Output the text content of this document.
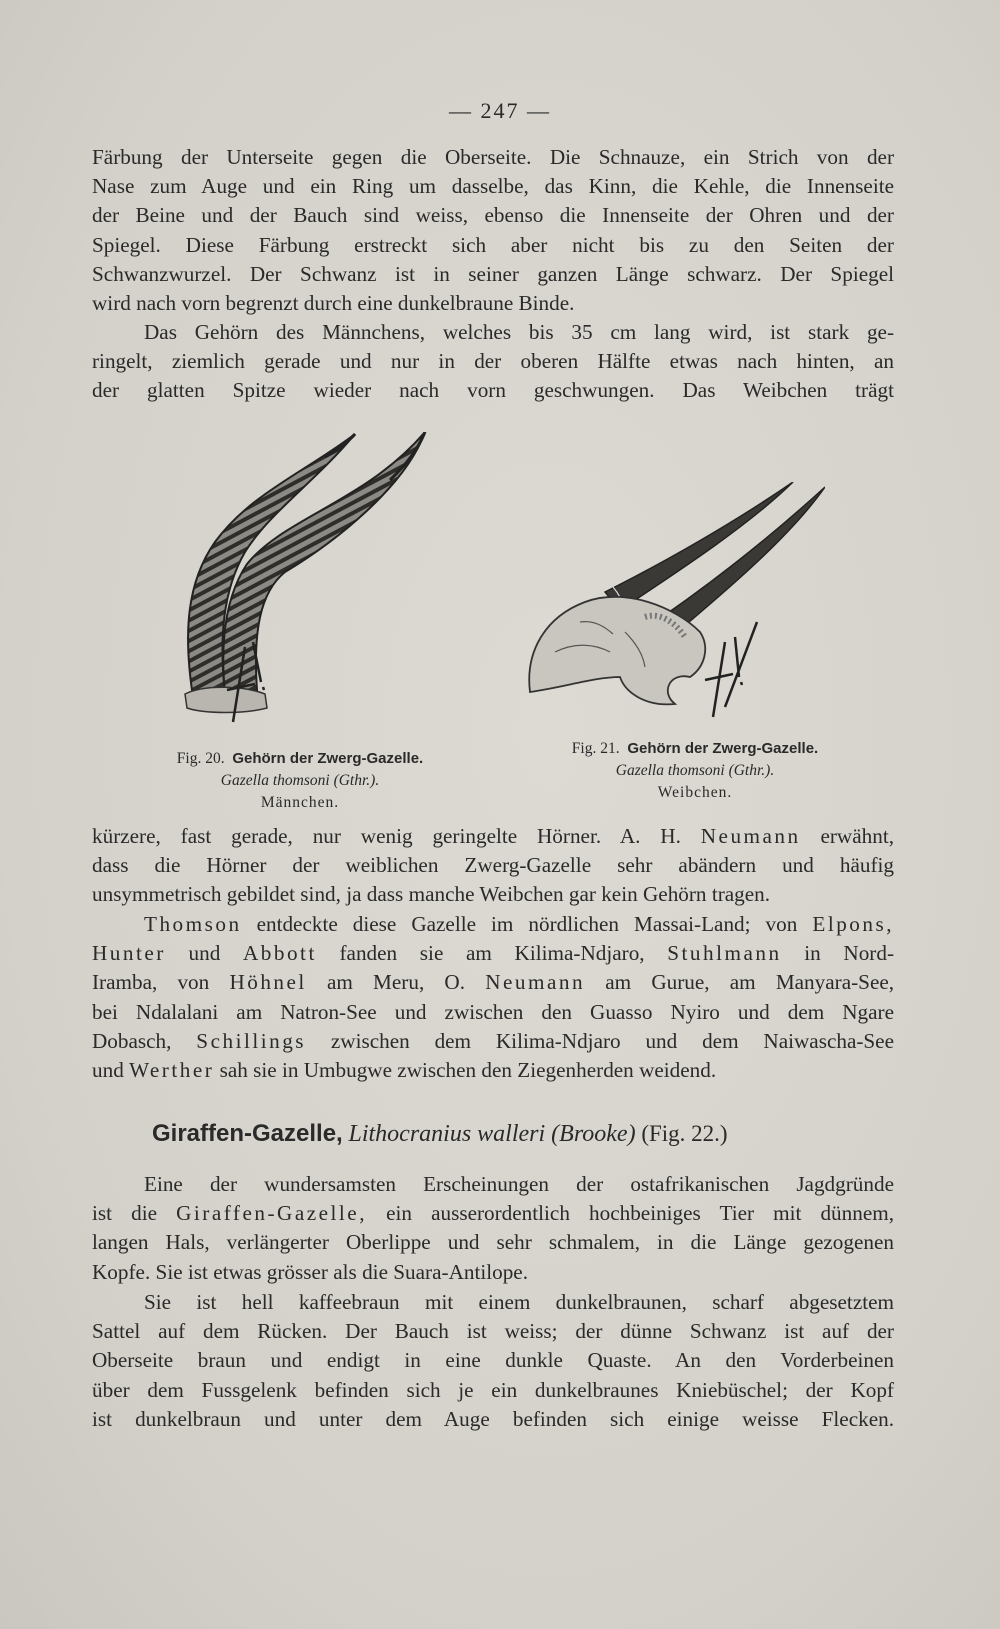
— 247 —
Färbung der Unterseite gegen die Oberseite. Die Schnauze, ein Strich von der
Nase zum Auge und ein Ring um dasselbe, das Kinn, die Kehle, die Innenseite
der Beine und der Bauch sind weiss, ebenso die Innenseite der Ohren und der
Spiegel. Diese Färbung erstreckt sich aber nicht bis zu den Seiten der
Schwanzwurzel. Der Schwanz ist in seiner ganzen Länge schwarz. Der Spiegel
wird nach vorn begrenzt durch eine dunkelbraune Binde.
Das Gehörn des Männchens, welches bis 35 cm lang wird, ist stark ge-
ringelt, ziemlich gerade und nur in der oberen Hälfte etwas nach hinten, an
der glatten Spitze wieder nach vorn geschwungen. Das Weibchen trägt
Fig. 20. Gehörn der Zwerg-Gazelle.
Gazella thomsoni (Gthr.).
Männchen.
Fig. 21. Gehörn der Zwerg-Gazelle.
Gazella thomsoni (Gthr.).
Weibchen.
kürzere, fast gerade, nur wenig geringelte Hörner. A. H. Neumann erwähnt,
dass die Hörner der weiblichen Zwerg-Gazelle sehr abändern und häufig
unsymmetrisch gebildet sind, ja dass manche Weibchen gar kein Gehörn tragen.
Thomson entdeckte diese Gazelle im nördlichen Massai-Land; von Elpons,
Hunter und Abbott fanden sie am Kilima-Ndjaro, Stuhlmann in Nord-
Iramba, von Höhnel am Meru, O. Neumann am Gurue, am Manyara-See,
bei Ndalalani am Natron-See und zwischen den Guasso Nyiro und dem Ngare
Dobasch, Schillings zwischen dem Kilima-Ndjaro und dem Naiwascha-See
und Werther sah sie in Umbugwe zwischen den Ziegenherden weidend.
Giraffen-Gazelle, Lithocranius walleri (Brooke) (Fig. 22.)
Eine der wundersamsten Erscheinungen der ostafrikanischen Jagdgründe
ist die Giraffen-Gazelle, ein ausserordentlich hochbeiniges Tier mit dünnem,
langen Hals, verlängerter Oberlippe und sehr schmalem, in die Länge gezogenen
Kopfe. Sie ist etwas grösser als die Suara-Antilope.
Sie ist hell kaffeebraun mit einem dunkelbraunen, scharf abgesetztem
Sattel auf dem Rücken. Der Bauch ist weiss; der dünne Schwanz ist auf der
Oberseite braun und endigt in eine dunkle Quaste. An den Vorderbeinen
über dem Fussgelenk befinden sich je ein dunkelbraunes Kniebüschel; der Kopf
ist dunkelbraun und unter dem Auge befinden sich einige weisse Flecken.
